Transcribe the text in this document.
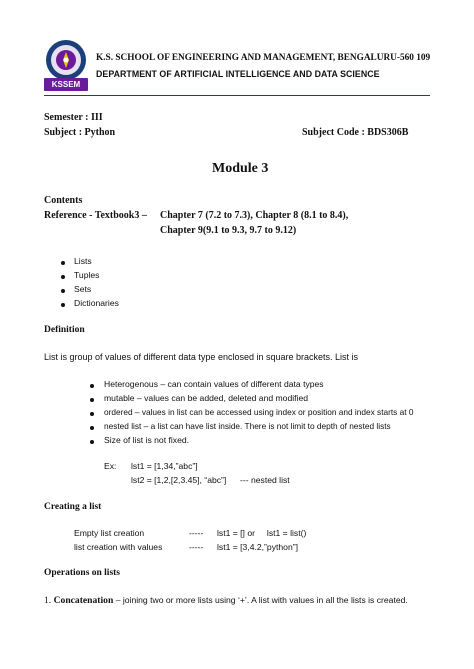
KSSEM
K.S. SCHOOL OF ENGINEERING AND MANAGEMENT, BENGALURU-560 109
DEPARTMENT OF ARTIFICIAL INTELLIGENCE AND DATA SCIENCE
Semester : III
Subject : Python	Subject Code : BDS306B
Module 3
Contents
Reference - Textbook3 – Chapter 7 (7.2 to 7.3), Chapter 8 (8.1 to 8.4),
Chapter 9(9.1 to 9.3, 9.7 to 9.12)
Lists
Tuples
Sets
Dictionaries
Definition
List is group of values of different data type enclosed in square brackets. List is
Heterogenous – can contain values of different data types
mutable – values can be added, deleted and modified
ordered – values in list can be accessed using index or position and index starts at 0
nested list – a list can have list inside. There is not limit to depth of nested lists
Size of list is not fixed.
Ex: lst1 = [1,34,”abc”]
lst2 = [1,2,[2,3.45], “abc”] --- nested list
Creating a list
Empty list creation	----- lst1 = [] or     lst1 = list()
list creation with values	----- lst1 = [3,4.2,”python”]
Operations on lists
1. Concatenation – joining two or more lists using ‘+’. A list with values in all the lists is created.
